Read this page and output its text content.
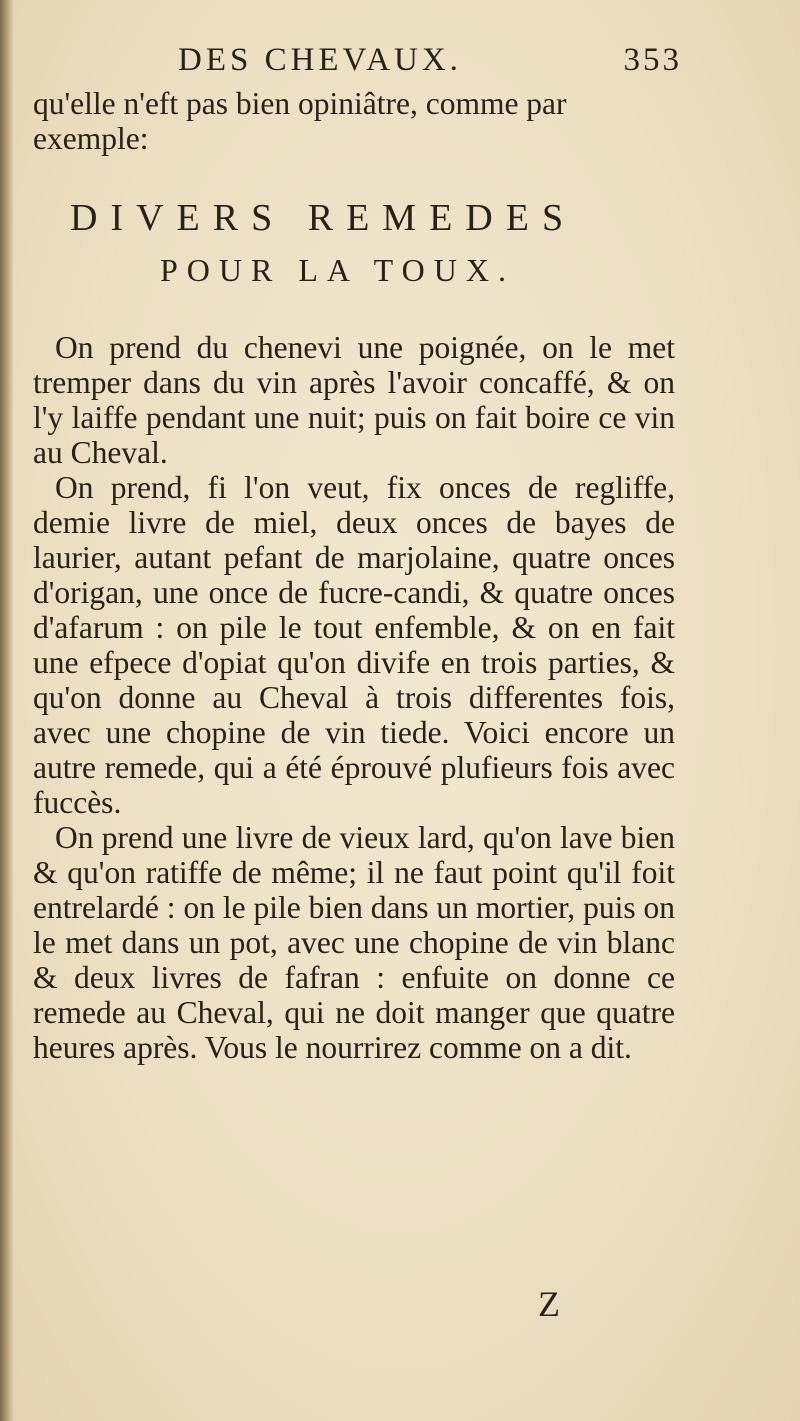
DES CHEVAUX.	353
qu'elle n'eft pas bien opiniâtre, comme par exemple:
DIVERS REMEDES
POUR LA TOUX.

On prend du chenevi une poignée, on le met tremper dans du vin après l'avoir concaffé, & on l'y laiffe pendant une nuit; puis on fait boire ce vin au Cheval.

On prend, fi l'on veut, fix onces de regliffe, demie livre de miel, deux onces de bayes de laurier, autant pefant de marjolaine, quatre onces d'origan, une once de fucre-candi, & quatre onces d'afarum : on pile le tout enfemble, & on en fait une efpece d'opiat qu'on divife en trois parties, & qu'on donne au Cheval à trois differentes fois, avec une chopine de vin tiede. Voici encore un autre remede, qui a été éprouvé plufieurs fois avec fuccès.

On prend une livre de vieux lard, qu'on lave bien & qu'on ratiffe de même; il ne faut point qu'il foit entrelardé : on le pile bien dans un mortier, puis on le met dans un pot, avec une chopine de vin blanc & deux livres de fafran : enfuite on donne ce remede au Cheval, qui ne doit manger que quatre heures après. Vous le nourrirez comme on a dit.

Z
